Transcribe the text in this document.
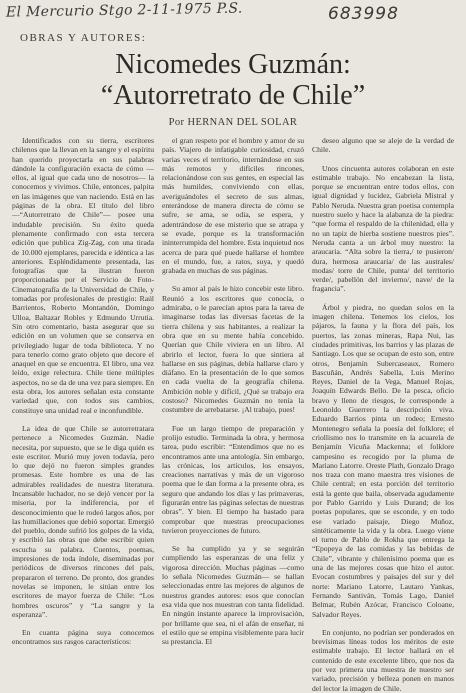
El Mercurio Stgo 2-11-1975 P.S.	683998
OBRAS Y AUTORES:
Nicomedes Guzmán:
“Autorretrato de Chile”
Por HERNAN DEL SOLAR

Identificados con su tierra, escritores chilenos que la llevan en la sangre y el espíritu han querido proyectarla en sus palabras dándole la configuración exacta de cómo —ellos, al igual que cada uno de nosotros— la conocemos y vivimos. Chile, entonces, palpita en las imágenes que van naciendo. Está en las páginas de la obra. El título del libro —“Autorretrato de Chile”— posee una indudable precisión. Su éxito queda plenamente confirmado con esta tercera edición que publica Zig-Zag, con una tirada de 10.000 ejemplares, parecida e idéntica a las anteriores. Espléndidamente presentada, las fotografías que la ilustran fueron proporcionadas por el Servicio de Foto-Cinematografía de la Universidad de Chile, y tomadas por profesionales de prestigio: Raúl Barrientos, Roberto Montandón, Domingo Ulloa, Baltazar Robles y Edmundo Urrutia. Sin otro comentario, basta asegurar que su edición en un volumen que se conserva en privilegiado lugar de toda biblioteca. Y no para tenerlo como grato objeto que decore el anaquel en que se encuentra. El libro, una vez leído, exige relectura. Chile tiene múltiples aspectos, no se da de una vez para siempre. En esta obra, los autores señalan esta constante variedad que, con todos sus cambios, constituye una unidad real e inconfundible.

La idea de que Chile se autorretratara pertenece a Nicomedes Guzmán. Nadie necesita, por supuesto, que se le diga quién es este escritor. Murió muy joven todavía, pero lo que dejó no fueron simples grandes promesas. Este hombre es una de las admirables realidades de nuestra literatura. Incansable luchador, no se dejó vencer por la miseria, por la indiferencia, por el desconocimiento que le rodeó largos años, por las humillaciones que debió soportar. Emergió del pueblo, donde sufrió los golpes de la vida, y escribió las obras que debe escribir quien escucha su palabra. Cuentos, poemas, impresiones de toda índole, diseminadas por periódicos de diversos rincones del país, prepararon el terreno. De pronto, dos grandes novelas se imponen, le sitúan entre los escritores de mayor fuerza de Chile: “Los hombres oscuros” y “La sangre y la esperanza”.

En cuanta página suya conocemos encontramos sus rasgos característicos:

el gran respeto por el hombre y amor de su país. Viajero de infatigable curiosidad, cruzó varias veces el territorio, internándose en sus más remotos y difíciles rincones, relacionándose con sus gentes, en especial las más humildes, conviviendo con ellas, averiguándoles el secreto de sus almas, enterándose de manera directa de cómo se sufre, se ama, se odia, se espera, y adentrándose de ese misterio que se atrapa y se evade, porque es la transformación ininterrumpida del hombre. Esta inquietud nos acerca de para qué puede hallarse el hombre en el mundo, fue, a ratos, suya, y quedó grabada en muchas de sus páginas.

Su amor al país le hizo concebir este libro. Reunió a los escritores que conocía, o admiraba, o le parecían aptos para la tarea de imaginarse todas las diversas facetas de la tierra chilena y sus habitantes, a realizar la obra que en su mente había concebido. Querían que Chile viviera en un libro. Al abrirlo el lector, fuera lo que sintiera al hallarse en sus páginas, debía hallarse claro y diáfano. En la presentación de lo que somos en cada vuelta de la geografía chilena. Ambición noble y difícil, ¿Qué se trabajo era costoso? Nicomedes Guzmán no tenía la costumbre de arrebatarse. ¡Al trabajo, pues!

Fue un largo tiempo de preparación y prolijo estudio. Terminada la obra, y hermosa tarea, pudo escribir: “Entendimos que no es encontramos ante una antología. Sin embargo, las crónicas, los artículos, los ensayos, creaciones narrativas y más de un vigoroso poema que le dan forma a la presente obra, es seguro que andando los días y las primaveras, figurarán entre las páginas selectas de nuestras obras”. Y bien. El tiempo ha bastado para comprobar que nuestras preocupaciones tuvieron proyecciones de futuro.

Se ha cumplido ya y se seguirán cumpliendo las esperanzas de una feliz y vigorosa dirección. Muchas páginas —como lo señala Nicomedes Guzmán— se hallan seleccionadas entre las mejores de algunos de nuestros grandes autores: esos que conocían esa vida que nos muestran con tanta fidelidad. En ningún instante aparece la improvisación, por brillante que sea, ni el afán de enseñar, ni el estilo que se empina visiblemente para lucir su prestancia. El

deseo alguno que se aleje de la verdad de Chile.

Unos cincuenta autores colaboran en este estimable trabajo. No encabezan la lista, porque se encuentran entre todos ellos, con igual dignidad y lucidez, Gabriela Mistral y Pablo Neruda. Nuestra gran poetisa contempla nuestro suelo y hace la alabanza de la piedra: “que forma el respaldo de la chilenidad, ella y no un tapiz de hierba sostiene nuestros pies”. Neruda canta a un árbol muy nuestro: la araucaria. “Alta sobre la tierra,/ te pusieron/ dura, hermosa araucaria/ de las australes/ modas/ torre de Chile, punta/ del territorio verde/, pabellón del invierno/, nave/ de la fragancia”.

Árbol y piedra, no quedan solos en la imagen chilena. Tenemos los cielos, los pájaros, la fauna y la flora del país, los puertos, las zonas mineras, Rapa Nui, las ciudades primitivas, los barrios y las plazas de Santiago. Los que se ocupan de esto son, entre otros, Benjamín Subercaseaux, Romero Bascuñán, Andrés Sabella, Luis Merino Reyes, Daniel de la Vega, Manuel Rojas, Joaquín Edwards Bello. De la pesca, oficio bravo y lleno de riesgos, le corresponde a Leonoldo Guerrero la descripción viva. Eduardo Barrios pinta un rodeo; Ernesto Montenegro señala la poesía del folklore; el criollismo nos lo transmite en la acuarela de Benjamín Vicuña Mackenna; el folklore campesino es recogido por la pluma de Mariano Latorre. Oreste Plath, Gonzalo Drago nos traza con mano maestra tres visiones de Chile central; en esta porción del territorio está la gente que baila, observada agudamente por Pablo Garrido y Luis Durand; de los poetas populares, que se esconde, y en todo ese variado paisaje, Diego Muñoz, sintéticamente la vida y la obra. Luego viene el turno de Pablo de Rokha que entrega la “Epopeya de las comidas y las bebidas de Chile”, vibrante y chilenísimo poema que es una de las mejores cosas que hizo el autor. Evocan costumbres y paisajes del sur y del norte: Mariano Latorre, Lautaro Yankas, Fernando Santiván, Tomás Lago, Daniel Belmar, Rubén Azócar, Francisco Coloane, Salvador Reyes.

En conjunto, no podrían ser ponderados en brevísimas líneas todos los méritos de este estimable trabajo. El lector hallará en el contenido de este excelente libro, que nos da por vez primera una muestra de nuestro ser variado, precisión y belleza ponen en manos del lector la imagen de Chile.
